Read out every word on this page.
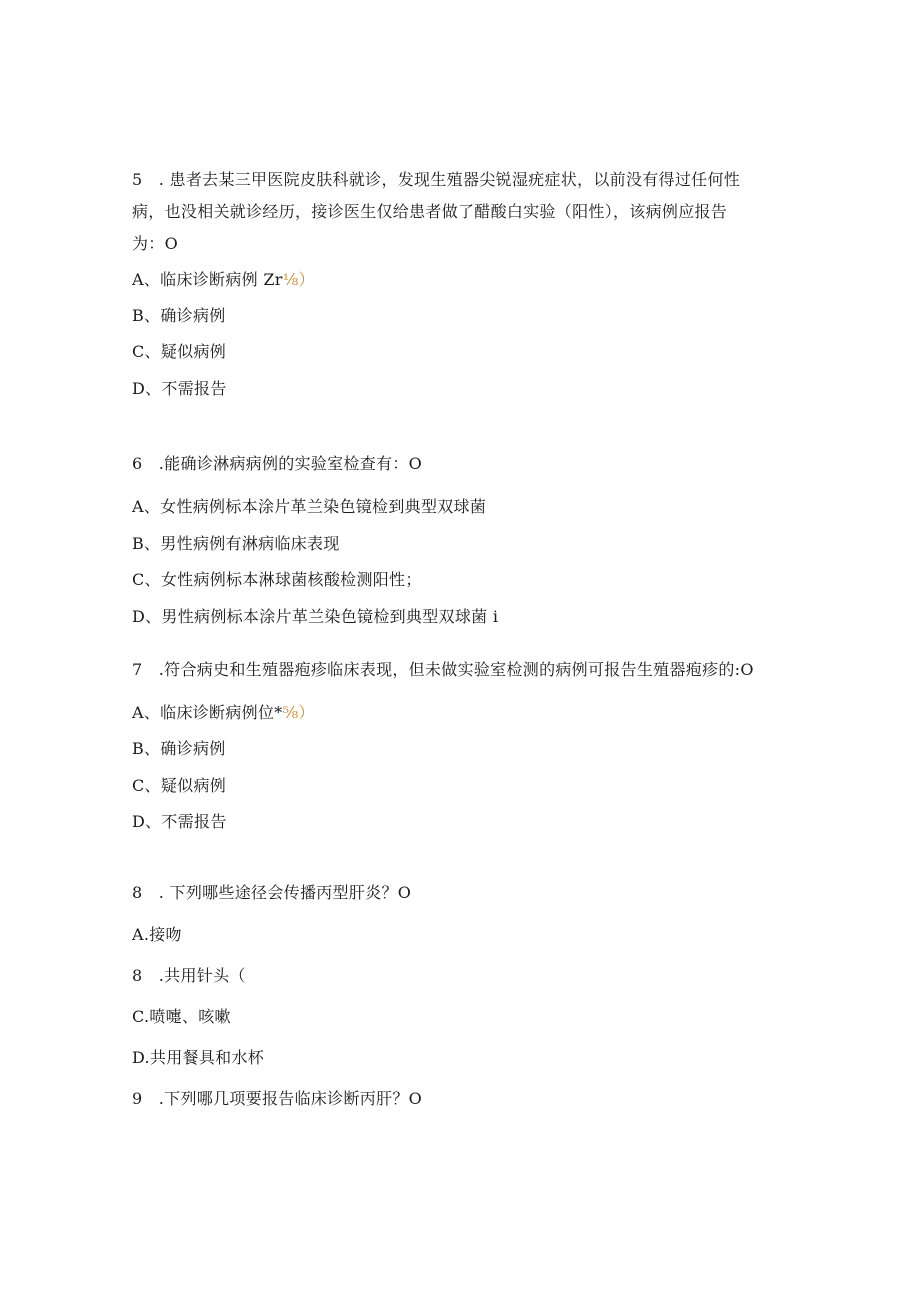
5　. 患者去某三甲医院皮肤科就诊，发现生殖器尖锐湿疣症状，以前没有得过任何性
病，也没相关就诊经历，接诊医生仅给患者做了醋酸白实验（阳性），该病例应报告
为：O
A、临床诊断病例 Zr⅛）
B、确诊病例
C、疑似病例
D、不需报告
6　.能确诊淋病病例的实验室检查有：O
A、女性病例标本涂片革兰染色镜检到典型双球菌
B、男性病例有淋病临床表现
C、女性病例标本淋球菌核酸检测阳性；
D、男性病例标本涂片革兰染色镜检到典型双球菌 i
7　.符合病史和生殖器疱疹临床表现，但未做实验室检测的病例可报告生殖器疱疹的:O
A、临床诊断病例位*⅝）
B、确诊病例
C、疑似病例
D、不需报告
8　. 下列哪些途径会传播丙型肝炎？O
A.接吻
8　.共用针头（
C.喷嚏、咳嗽
D.共用餐具和水杯
9　.下列哪几项要报告临床诊断丙肝？O
